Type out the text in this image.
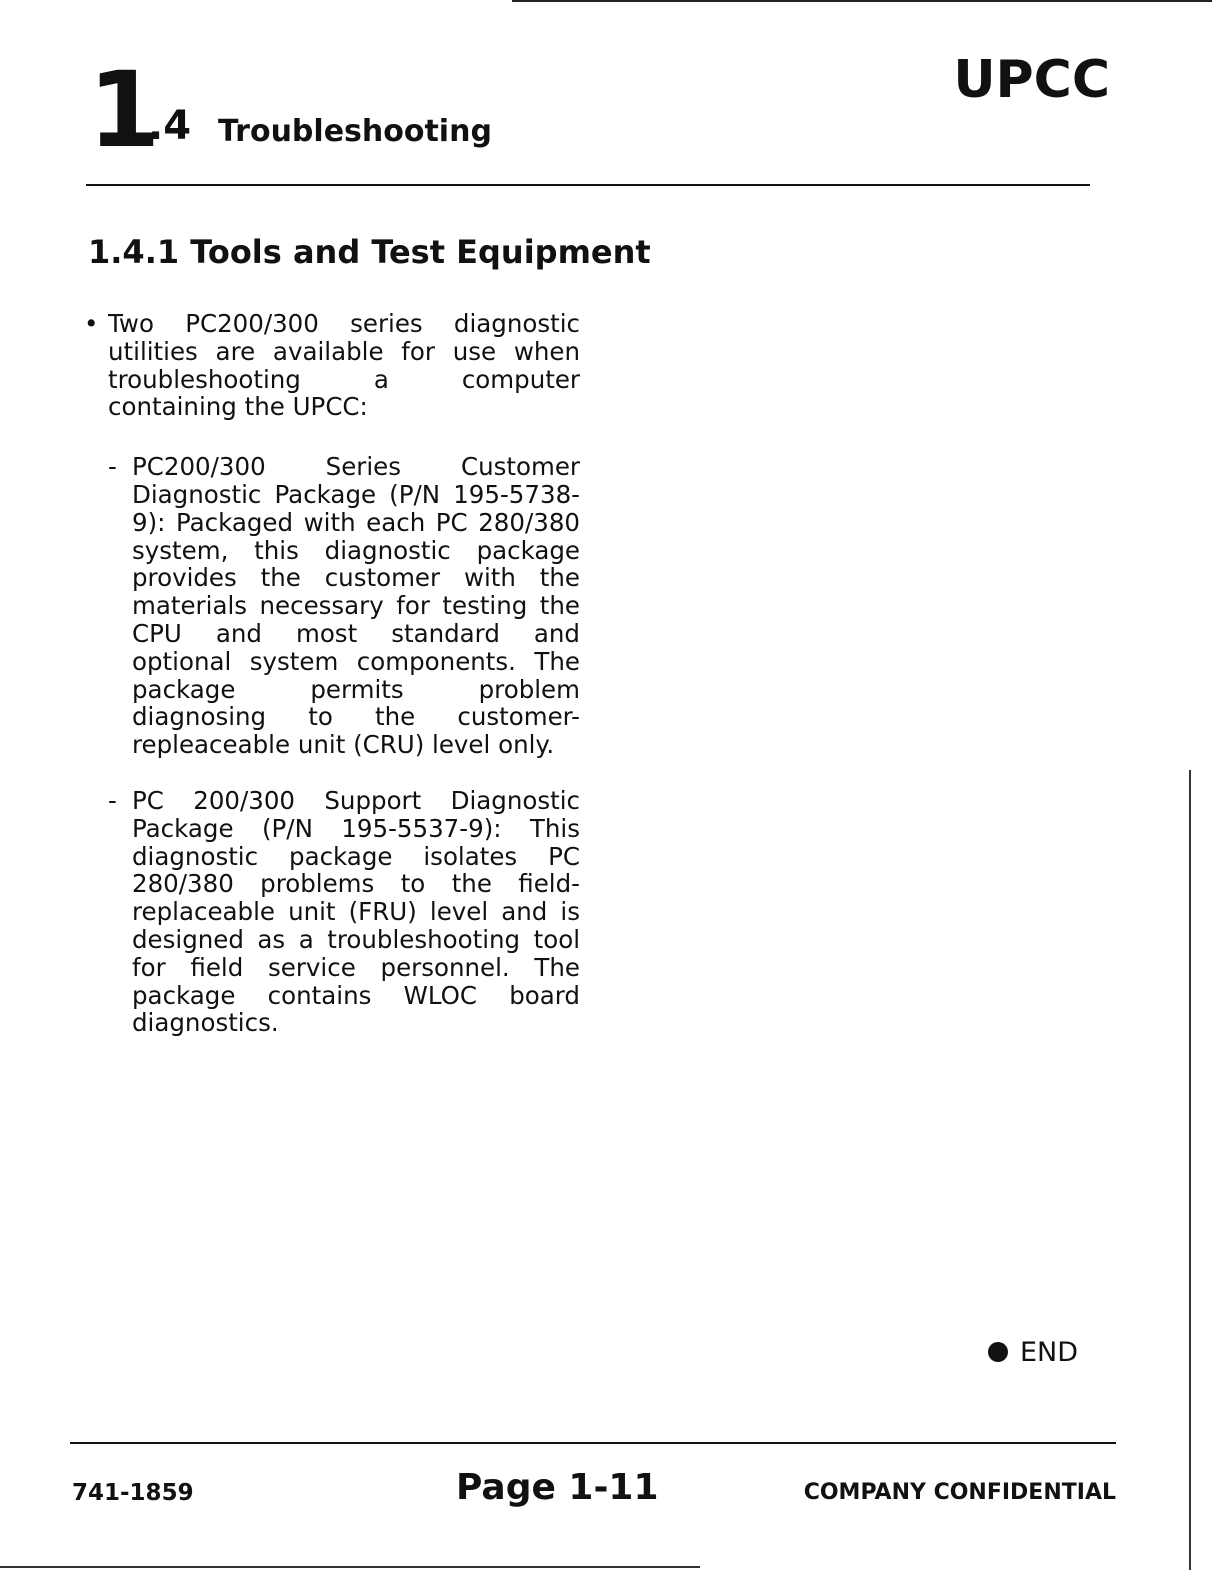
1
.4 Troubleshooting
UPCC
1.4.1 Tools and Test Equipment
• Two PC200/300 series diagnostic utilities are available for use when troubleshooting a computer containing the UPCC:
- PC200/300 Series Customer Diagnostic Package (P/N 195-5738-9): Packaged with each PC 280/380 system, this diagnostic package provides the customer with the materials necessary for testing the CPU and most standard and optional system components. The package permits problem diagnosing to the customer-repleaceable unit (CRU) level only.
- PC 200/300 Support Diagnostic Package (P/N 195-5537-9): This diagnostic package isolates PC 280/380 problems to the field-replaceable unit (FRU) level and is designed as a troubleshooting tool for field service personnel. The package contains WLOC board diagnostics.
END
741-1859	Page 1-11	COMPANY CONFIDENTIAL
